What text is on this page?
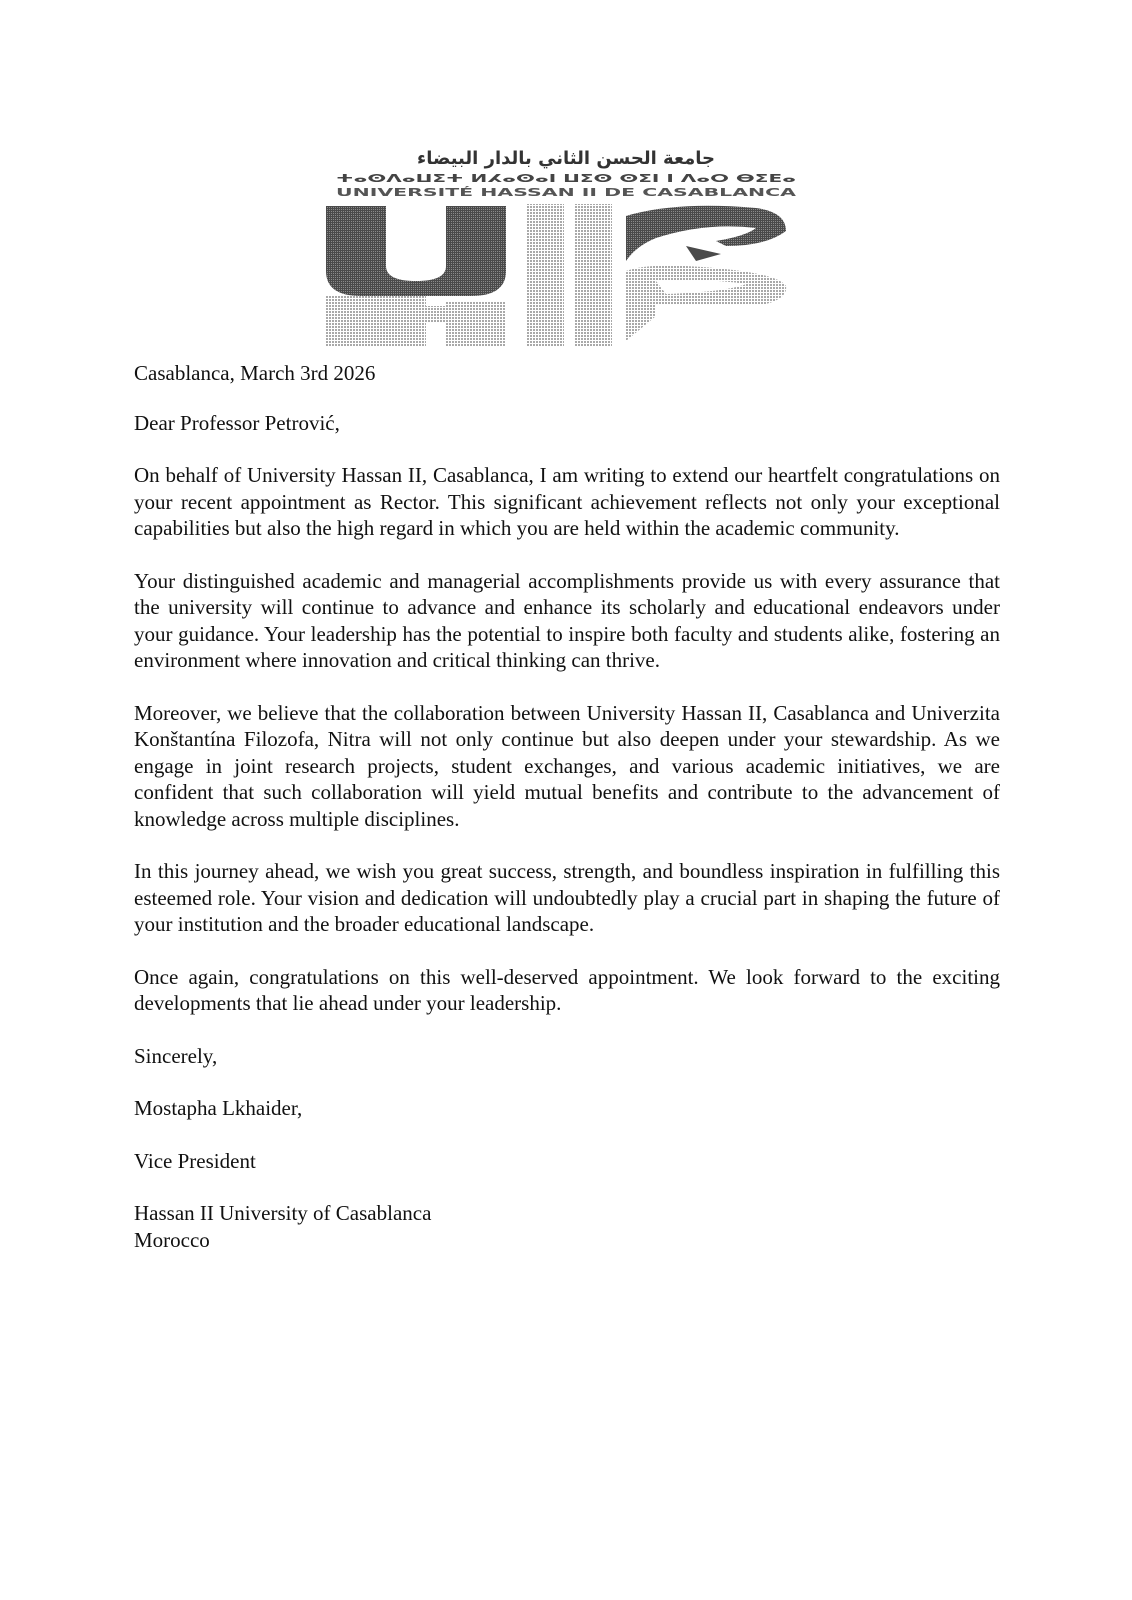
جامعة الحسن الثاني بالدار البيضاء
ⵜⴰⵙⴷⴰⵡⵉⵜ ⵍⵃⴰⵙⴰⵏ ⵡⵉⵙ ⵙⵉⵏ ⵏ ⴷⴰⵔ ⴱⵉⴹⴰ
UNIVERSITÉ HASSAN II DE CASABLANCA

Casablanca, March 3rd 2026

Dear Professor Petrović,

On behalf of University Hassan II, Casablanca, I am writing to extend our heartfelt congratulations on your recent appointment as Rector. This significant achievement reflects not only your exceptional capabilities but also the high regard in which you are held within the academic community.

Your distinguished academic and managerial accomplishments provide us with every assurance that the university will continue to advance and enhance its scholarly and educational endeavors under your guidance. Your leadership has the potential to inspire both faculty and students alike, fostering an environment where innovation and critical thinking can thrive.

Moreover, we believe that the collaboration between University Hassan II, Casablanca and Univerzita Konštantína Filozofa, Nitra will not only continue but also deepen under your stewardship. As we engage in joint research projects, student exchanges, and various academic initiatives, we are confident that such collaboration will yield mutual benefits and contribute to the advancement of knowledge across multiple disciplines.

In this journey ahead, we wish you great success, strength, and boundless inspiration in fulfilling this esteemed role. Your vision and dedication will undoubtedly play a crucial part in shaping the future of your institution and the broader educational landscape.

Once again, congratulations on this well-deserved appointment. We look forward to the exciting developments that lie ahead under your leadership.

Sincerely,

Mostapha Lkhaider,

Vice President

Hassan II University of Casablanca

Morocco
